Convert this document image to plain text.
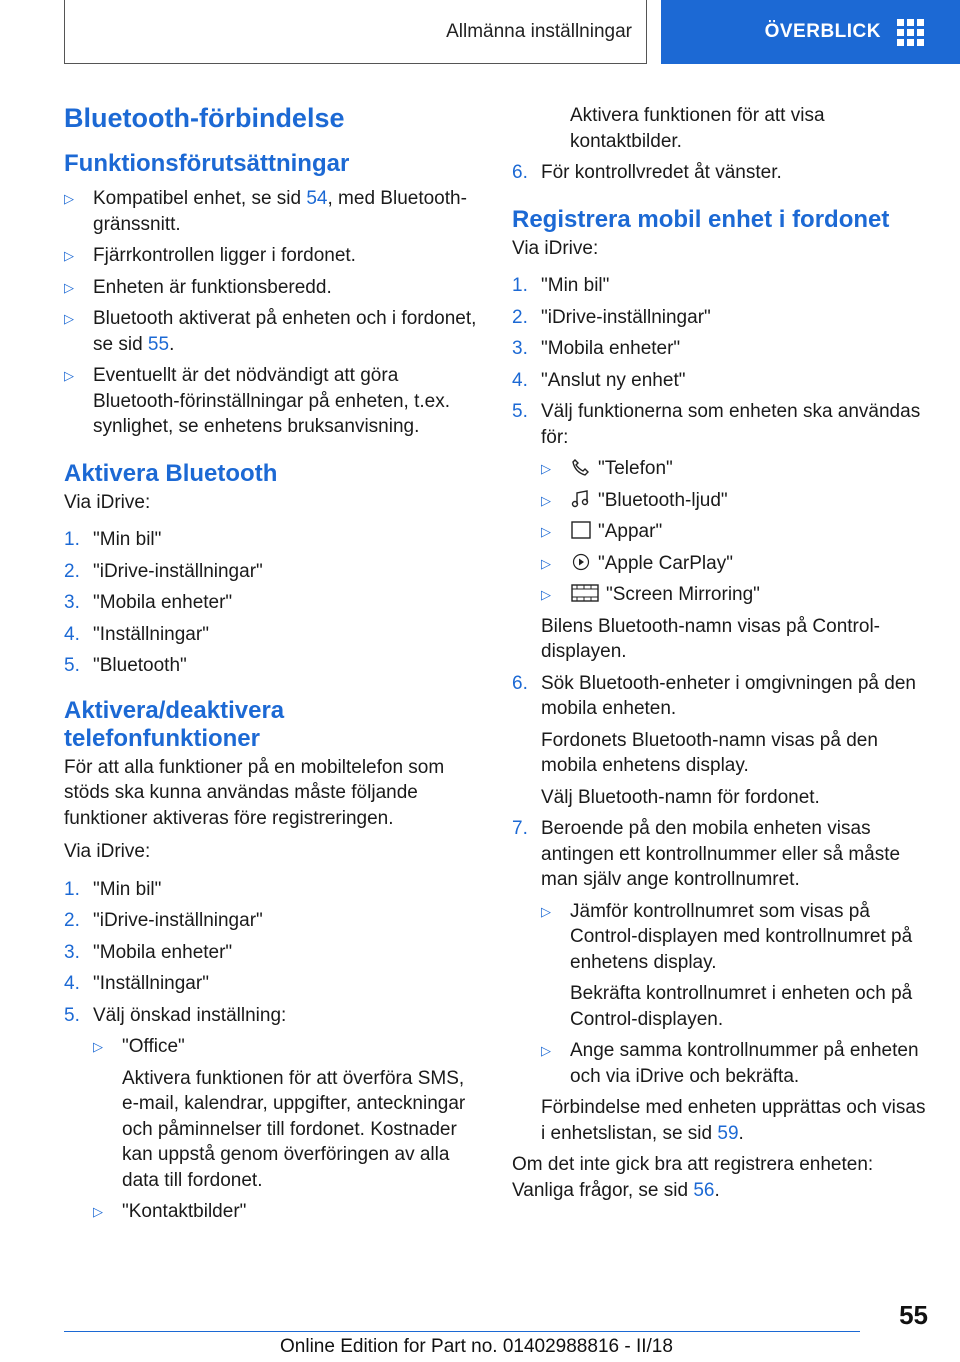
Allmänna inställningar	ÖVERBLICK
Bluetooth-förbindelse
Funktionsförutsättningar
▷ Kompatibel enhet, se sid 54, med Bluetooth-gränssnitt.
▷ Fjärrkontrollen ligger i fordonet.
▷ Enheten är funktionsberedd.
▷ Bluetooth aktiverat på enheten och i fordonet, se sid 55.
▷ Eventuellt är det nödvändigt att göra Bluetooth-förinställningar på enheten, t.ex. synlighet, se enhetens bruksanvisning.
Aktivera Bluetooth

Via iDrive:

1. "Min bil"
2. "iDrive-inställningar"
3. "Mobila enheter"
4. "Inställningar"
5. "Bluetooth"
Aktivera/deaktivera telefonfunktioner

För att alla funktioner på en mobiltelefon som stöds ska kunna användas måste följande funktioner aktiveras före registreringen.

Via iDrive:

1. "Min bil"
2. "iDrive-inställningar"
3. "Mobila enheter"
4. "Inställningar"
5. Välj önskad inställning:
▷ "Office"

Aktivera funktionen för att överföra SMS, e-mail, kalendrar, uppgifter, anteckningar och påminnelser till fordonet. Kostnader kan uppstå genom överföringen av alla data till fordonet.

▷ "Kontaktbilder"

Aktivera funktionen för att visa kontaktbilder.

6. För kontrollvredet åt vänster.
Registrera mobil enhet i fordonet

Via iDrive:

1. "Min bil"
2. "iDrive-inställningar"
3. "Mobila enheter"
4. "Anslut ny enhet"
5. Välj funktionerna som enheten ska användas för:
▷ "Telefon"
▷ "Bluetooth-ljud"
▷ "Appar"
▷ "Apple CarPlay"
▷	"Screen Mirroring"

Bilens Bluetooth-namn visas på Control-displayen.

6. Sök Bluetooth-enheter i omgivningen på den mobila enheten.

Fordonets Bluetooth-namn visas på den mobila enhetens display.

Välj Bluetooth-namn för fordonet.

7. Beroende på den mobila enheten visas antingen ett kontrollnummer eller så måste man själv ange kontrollnumret.
▷ Jämför kontrollnumret som visas på Control-displayen med kontrollnumret på enhetens display.

Bekräfta kontrollnumret i enheten och på Control-displayen.

▷ Ange samma kontrollnummer på enheten och via iDrive och bekräfta.

Förbindelse med enheten upprättas och visas i enhetslistan, se sid 59.

Om det inte gick bra att registrera enheten: Vanliga frågor, se sid 56.

55
Online Edition for Part no. 01402988816 - II/18
